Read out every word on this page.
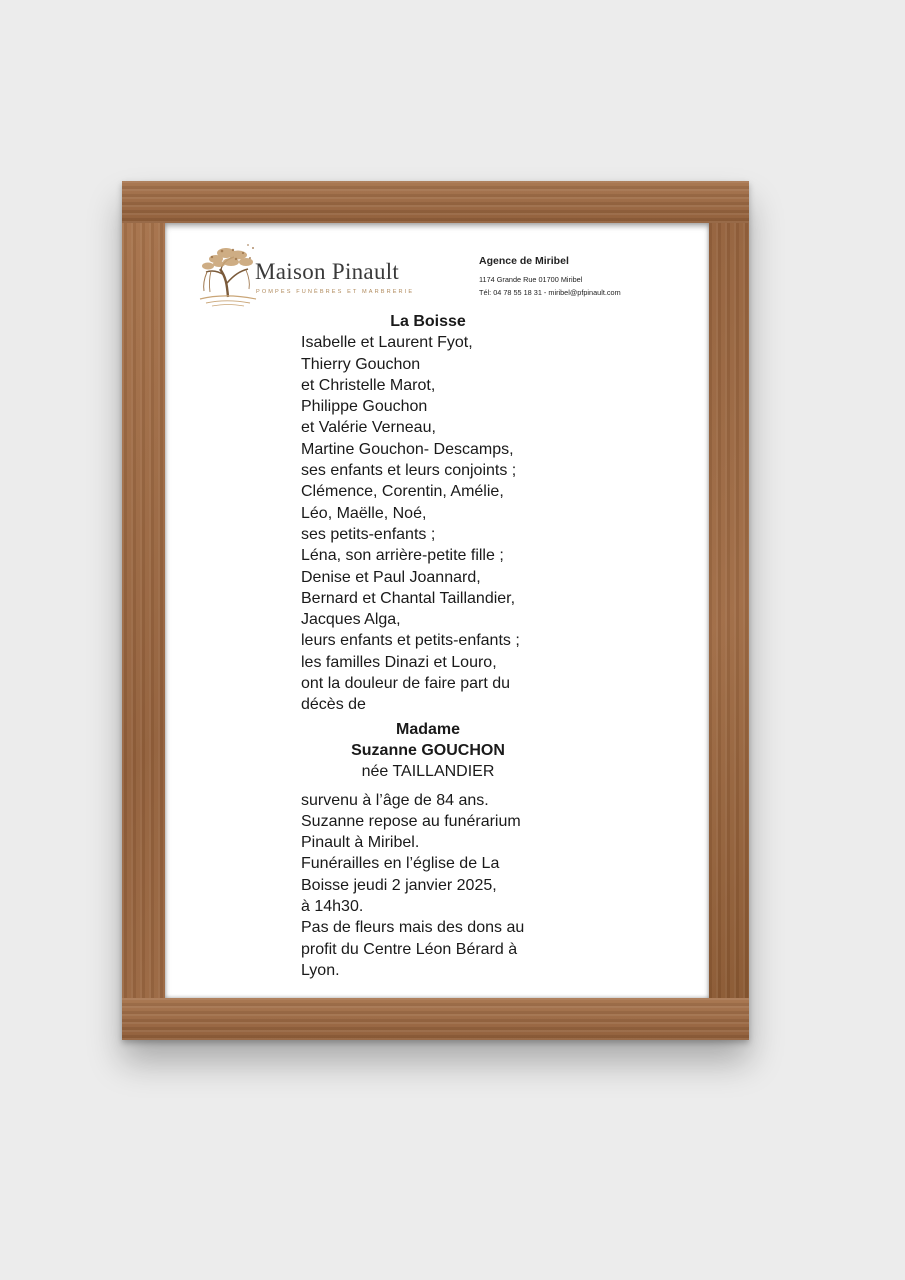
Maison Pinault
POMPES FUNÈBRES ET MARBRERIE
Agence de Miribel
1174 Grande Rue 01700 Miribel
Tél: 04 78 55 18 31 - miribel@pfpinault.com
La Boisse
Isabelle et Laurent Fyot,
Thierry Gouchon
et Christelle Marot,
Philippe Gouchon
et Valérie Verneau,
Martine Gouchon- Descamps,
ses enfants et leurs conjoints ;
Clémence, Corentin, Amélie,
Léo, Maëlle, Noé,
ses petits-enfants ;
Léna, son arrière-petite fille ;
Denise et Paul Joannard,
Bernard et Chantal Taillandier,
Jacques Alga,
leurs enfants et petits-enfants ;
les familles Dinazi et Louro,
ont la douleur de faire part du
décès de
Madame
Suzanne GOUCHON
née TAILLANDIER
survenu à l’âge de 84 ans.
Suzanne repose au funérarium
Pinault à Miribel.
Funérailles en l’église de La
Boisse jeudi 2 janvier 2025,
à 14h30.
Pas de fleurs mais des dons au
profit du Centre Léon Bérard à
Lyon.
